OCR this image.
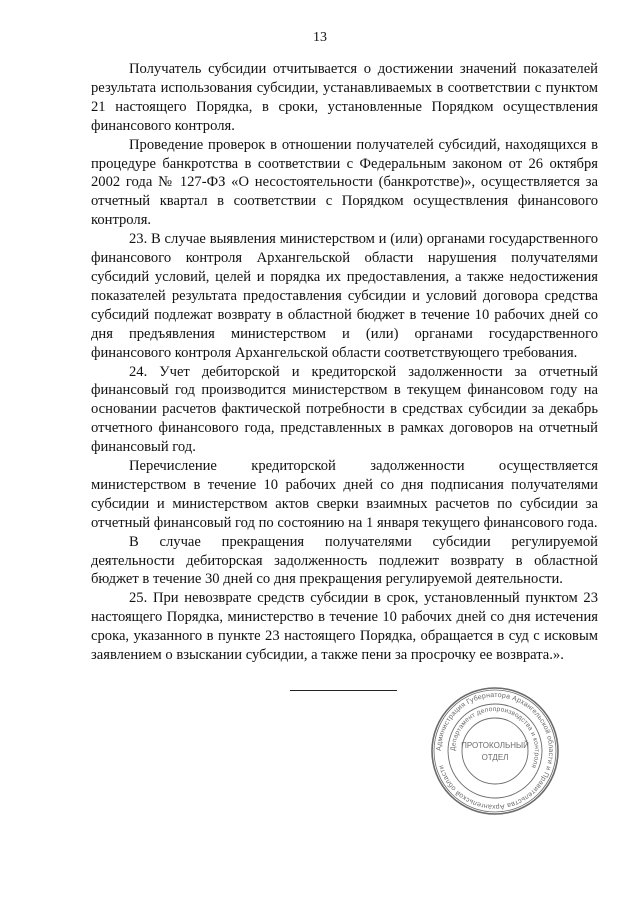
13

Получатель субсидии отчитывается о достижении значений показателей результата использования субсидии, устанавливаемых в соответствии с пунктом 21 настоящего Порядка, в сроки, установленные Порядком осуществления финансового контроля.

Проведение проверок в отношении получателей субсидий, находящихся в процедуре банкротства в соответствии с Федеральным законом от 26 октября 2002 года № 127-ФЗ «О несостоятельности (банкротстве)», осуществляется за отчетный квартал в соответствии с Порядком осуществления финансового контроля.

23. В случае выявления министерством и (или) органами государственного финансового контроля Архангельской области нарушения получателями субсидий условий, целей и порядка их предоставления, а также недостижения показателей результата предоставления субсидии и условий договора средства субсидий подлежат возврату в областной бюджет в течение 10 рабочих дней со дня предъявления министерством и (или) органами государственного финансового контроля Архангельской области соответствующего требования.

24. Учет дебиторской и кредиторской задолженности за отчетный финансовый год производится министерством в текущем финансовом году на основании расчетов фактической потребности в средствах субсидии за декабрь отчетного финансового года, представленных в рамках договоров на отчетный финансовый год.

Перечисление кредиторской задолженности осуществляется министерством в течение 10 рабочих дней со дня подписания получателями субсидии и министерством актов сверки взаимных расчетов по субсидии за отчетный финансовый год по состоянию на 1 января текущего финансового года.

В случае прекращения получателями субсидии регулируемой деятельности дебиторская задолженность подлежит возврату в областной бюджет в течение 30 дней со дня прекращения регулируемой деятельности.

25. При невозврате средств субсидии в срок, установленный пунктом 23 настоящего Порядка, министерство в течение 10 рабочих дней со дня истечения срока, указанного в пункте 23 настоящего Порядка, обращается в суд с исковым заявлением о взыскании субсидии, а также пени за просрочку ее возврата.».

Администрация Губернатора Архангельской области и Правительства Архангельской области
Департамент делопроизводства и контроля
ПРОТОКОЛЬНЫЙ
ОТДЕЛ
